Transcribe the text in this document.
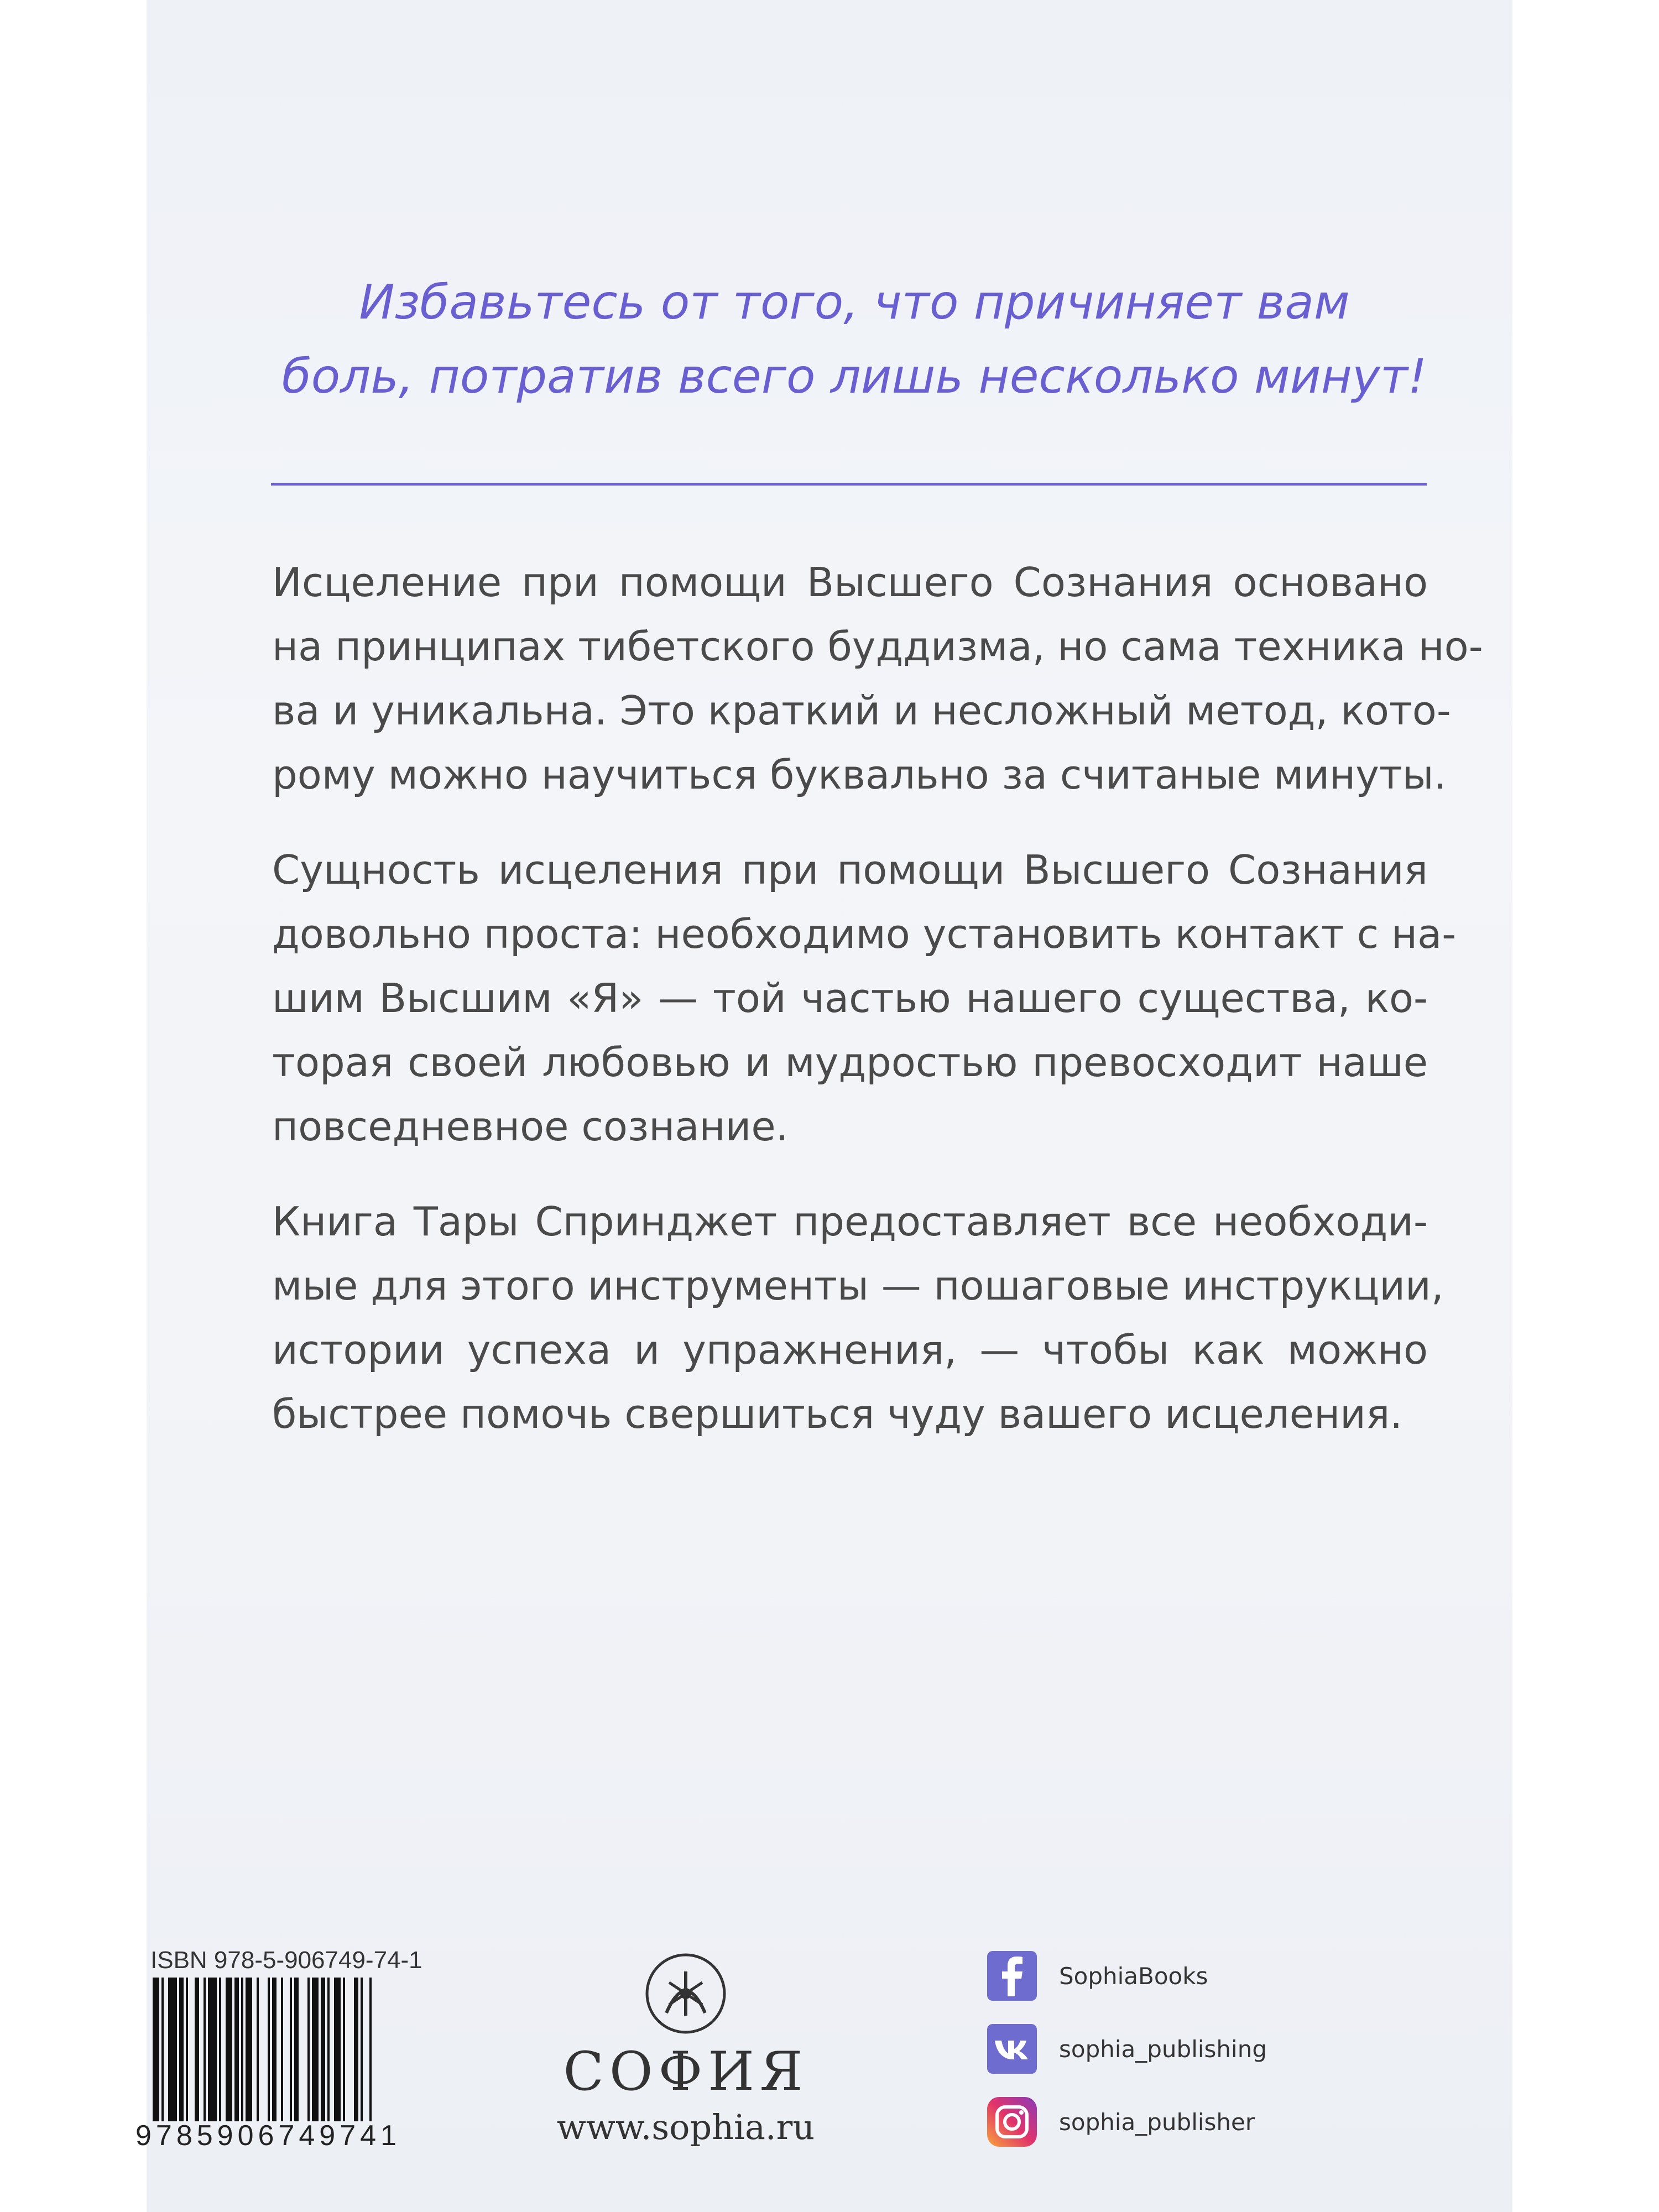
Избавьтесь от того, что причиняет вам
боль, потратив всего лишь несколько минут!
Исцеление при помощи Высшего Сознания основано
на принципах тибетского буддизма, но сама техника но-
ва и уникальна. Это краткий и несложный метод, кото-
рому можно научиться буквально за считаные минуты.
Сущность исцеления при помощи Высшего Сознания
довольно проста: необходимо установить контакт с на-
шим Высшим «Я» — той частью нашего существа, ко-
торая своей любовью и мудростью превосходит наше
повседневное сознание.
Книга Тары Спринджет предоставляет все необходи-
мые для этого инструменты — пошаговые инструкции,
истории успеха и упражнения, — чтобы как можно
быстрее помочь свершиться чуду вашего исцеления.
ISBN 978-5-906749-74-1
9785906749741
СОФИЯ
www.sophia.ru
SophiaBooks
sophia_publishing
sophia_publisher
